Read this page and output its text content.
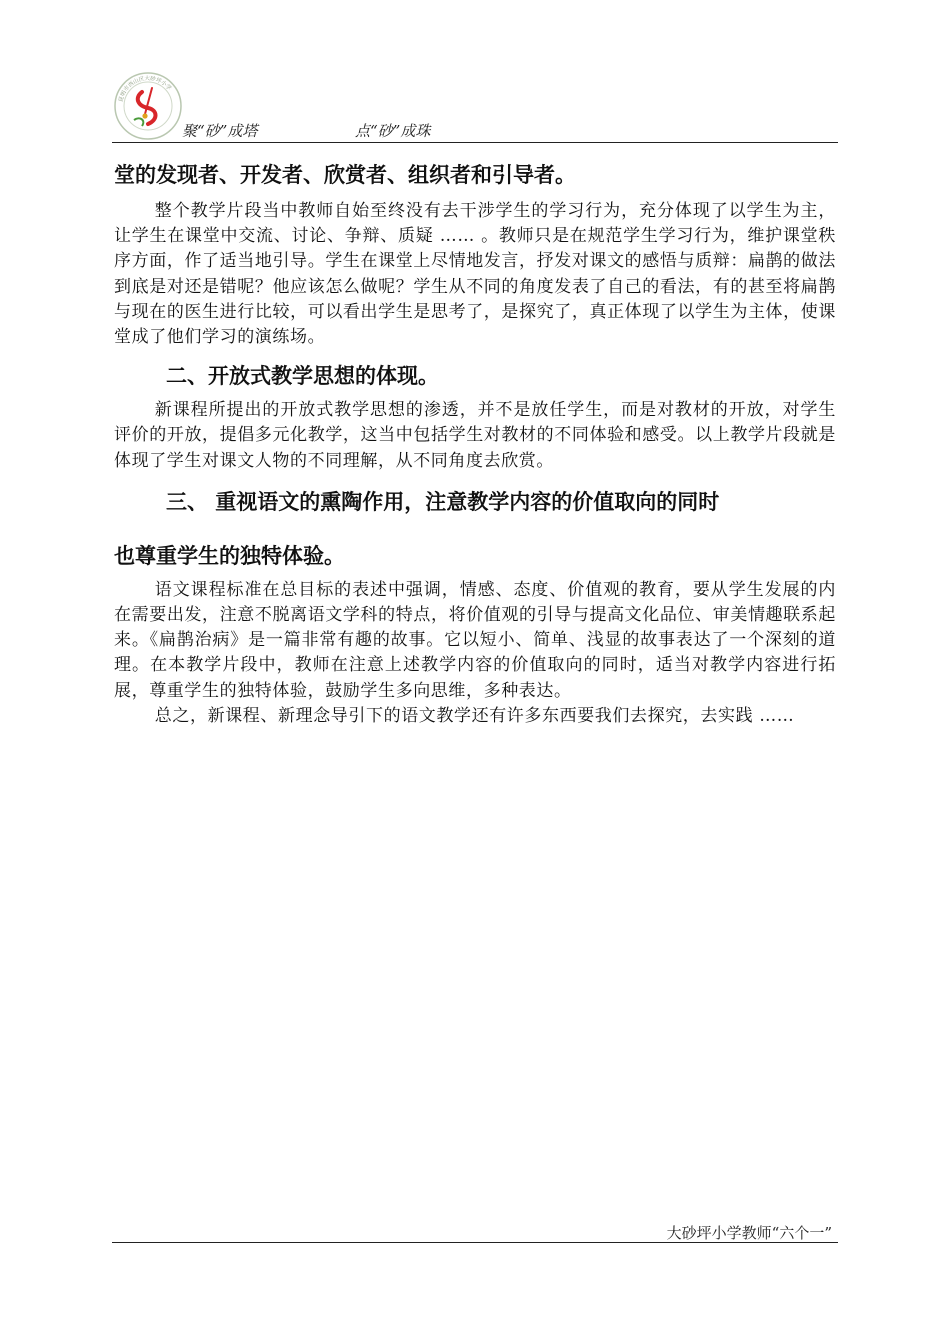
昆明市西山区大砂坪小学
聚“砂”成塔	点“砂”成珠

堂的发现者、开发者、欣赏者、组织者和引导者。

整个教学片段当中教师自始至终没有去干涉学生的学习行为，充分体现了以学生为主，让学生在课堂中交流、讨论、争辩、质疑 …… 。教师只是在规范学生学习行为，维护课堂秩序方面，作了适当地引导。学生在课堂上尽情地发言，抒发对课文的感悟与质辩：扁鹊的做法到底是对还是错呢？他应该怎么做呢？学生从不同的角度发表了自己的看法，有的甚至将扁鹊与现在的医生进行比较，可以看出学生是思考了，是探究了，真正体现了以学生为主体，使课堂成了他们学习的演练场。

二、开放式教学思想的体现。

新课程所提出的开放式教学思想的渗透，并不是放任学生，而是对教材的开放，对学生评价的开放，提倡多元化教学，这当中包括学生对教材的不同体验和感受。以上教学片段就是体现了学生对课文人物的不同理解，从不同角度去欣赏。

三、 重视语文的熏陶作用，注意教学内容的价值取向的同时

也尊重学生的独特体验。

语文课程标准在总目标的表述中强调，情感、态度、价值观的教育，要从学生发展的内在需要出发，注意不脱离语文学科的特点，将价值观的引导与提高文化品位、审美情趣联系起来。《扁鹊治病》是一篇非常有趣的故事。它以短小、简单、浅显的故事表达了一个深刻的道理。在本教学片段中，教师在注意上述教学内容的价值取向的同时，适当对教学内容进行拓展，尊重学生的独特体验，鼓励学生多向思维，多种表达。

总之，新课程、新理念导引下的语文教学还有许多东西要我们去探究，去实践 ……

大砂坪小学教师“六个一”
